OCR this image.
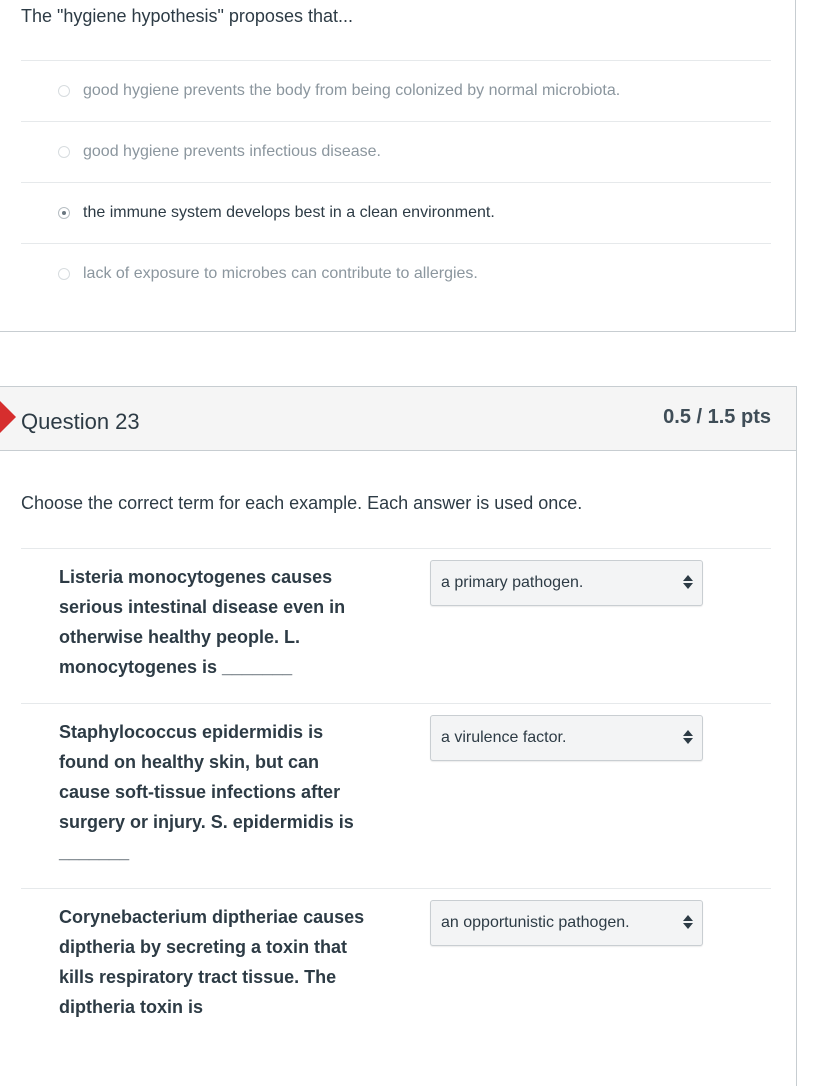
The "hygiene hypothesis" proposes that...
good hygiene prevents the body from being colonized by normal microbiota.
good hygiene prevents infectious disease.
the immune system develops best in a clean environment.
lack of exposure to microbes can contribute to allergies.
Question 23	0.5 / 1.5 pts
Choose the correct term for each example. Each answer is used once.
Listeria monocytogenes causes serious intestinal disease even in otherwise healthy people. L. monocytogenes is _______
a primary pathogen.
Staphylococcus epidermidis is found on healthy skin, but can cause soft-tissue infections after surgery or injury. S. epidermidis is _______
a virulence factor.
Corynebacterium diptheriae causes diptheria by secreting a toxin that kills respiratory tract tissue. The diptheria toxin is
an opportunistic pathogen.
